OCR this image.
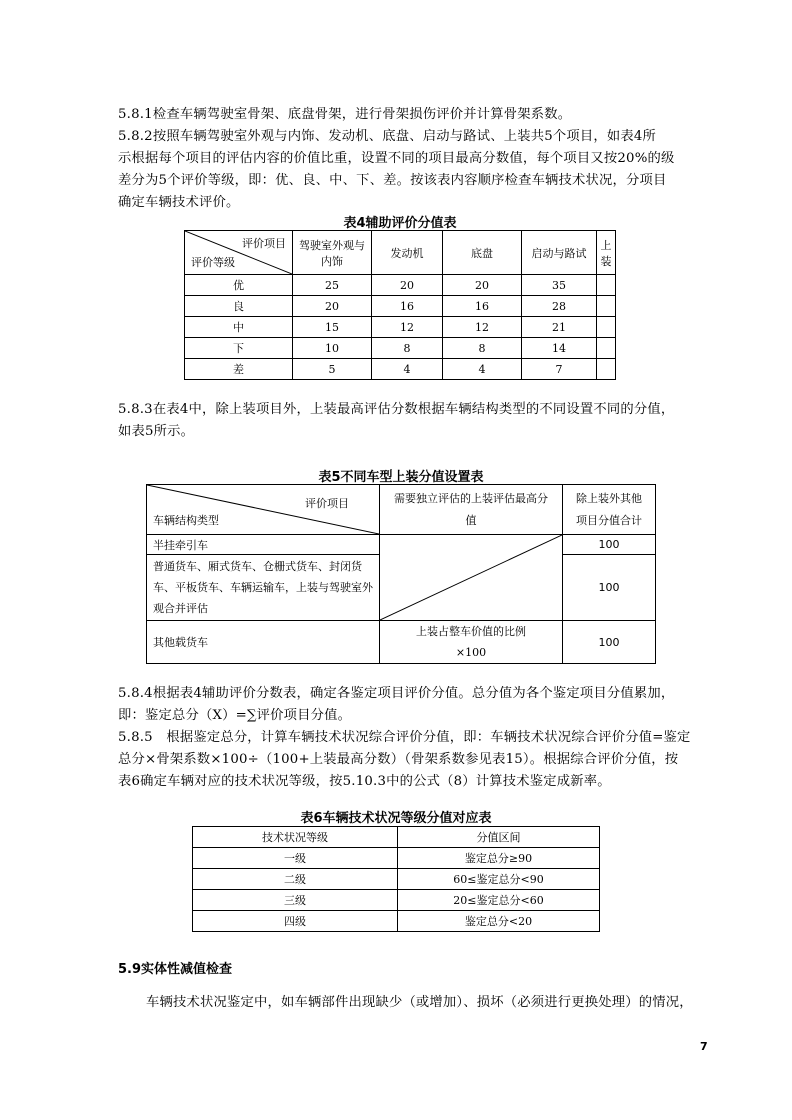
5.8.1检查车辆驾驶室骨架、底盘骨架，进行骨架损伤评价并计算骨架系数。
5.8.2按照车辆驾驶室外观与内饰、发动机、底盘、启动与路试、上装共5个项目，如表4所
示根据每个项目的评估内容的价值比重，设置不同的项目最高分数值，每个项目又按20%的级
差分为5个评价等级，即：优、良、中、下、差。按该表内容顺序检查车辆技术状况，分项目
确定车辆技术评价。
表4辅助评价分值表
评价项目
评价等级	驾驶室外观与内饰	发动机	底盘	启动与路试	上装
优	25	20	20	35	
良	20	16	16	28	
中	15	12	12	21	
下	10	8	8	14	
差	5	4	4	7	
5.8.3在表4中，除上装项目外，上装最高评估分数根据车辆结构类型的不同设置不同的分值，
如表5所示。
表5不同车型上装分值设置表
评价项目
车辆结构类型	需要独立评估的上装评估最高分值	除上装外其他项目分值合计
半挂牵引车		100
普通货车、厢式货车、仓栅式货车、封闭货车、平板货车、车辆运输车，上装与驾驶室外观合并评估		100
其他载货车	上装占整车价值的比例×100	100
5.8.4根据表4辅助评价分数表，确定各鉴定项目评价分值。总分值为各个鉴定项目分值累加，
即：鉴定总分（X）=∑评价项目分值。
5.8.5　根据鉴定总分，计算车辆技术状况综合评价分值，即：车辆技术状况综合评价分值=鉴定
总分×骨架系数×100÷（100+上装最高分数）（骨架系数参见表15）。根据综合评价分值，按
表6确定车辆对应的技术状况等级，按5.10.3中的公式（8）计算技术鉴定成新率。
表6车辆技术状况等级分值对应表
技术状况等级	分值区间
一级	鉴定总分≥90
二级	60≤鉴定总分<90
三级	20≤鉴定总分<60
四级	鉴定总分<20
5.9实体性减值检查
车辆技术状况鉴定中，如车辆部件出现缺少（或增加）、损坏（必须进行更换处理）的情况，
7
